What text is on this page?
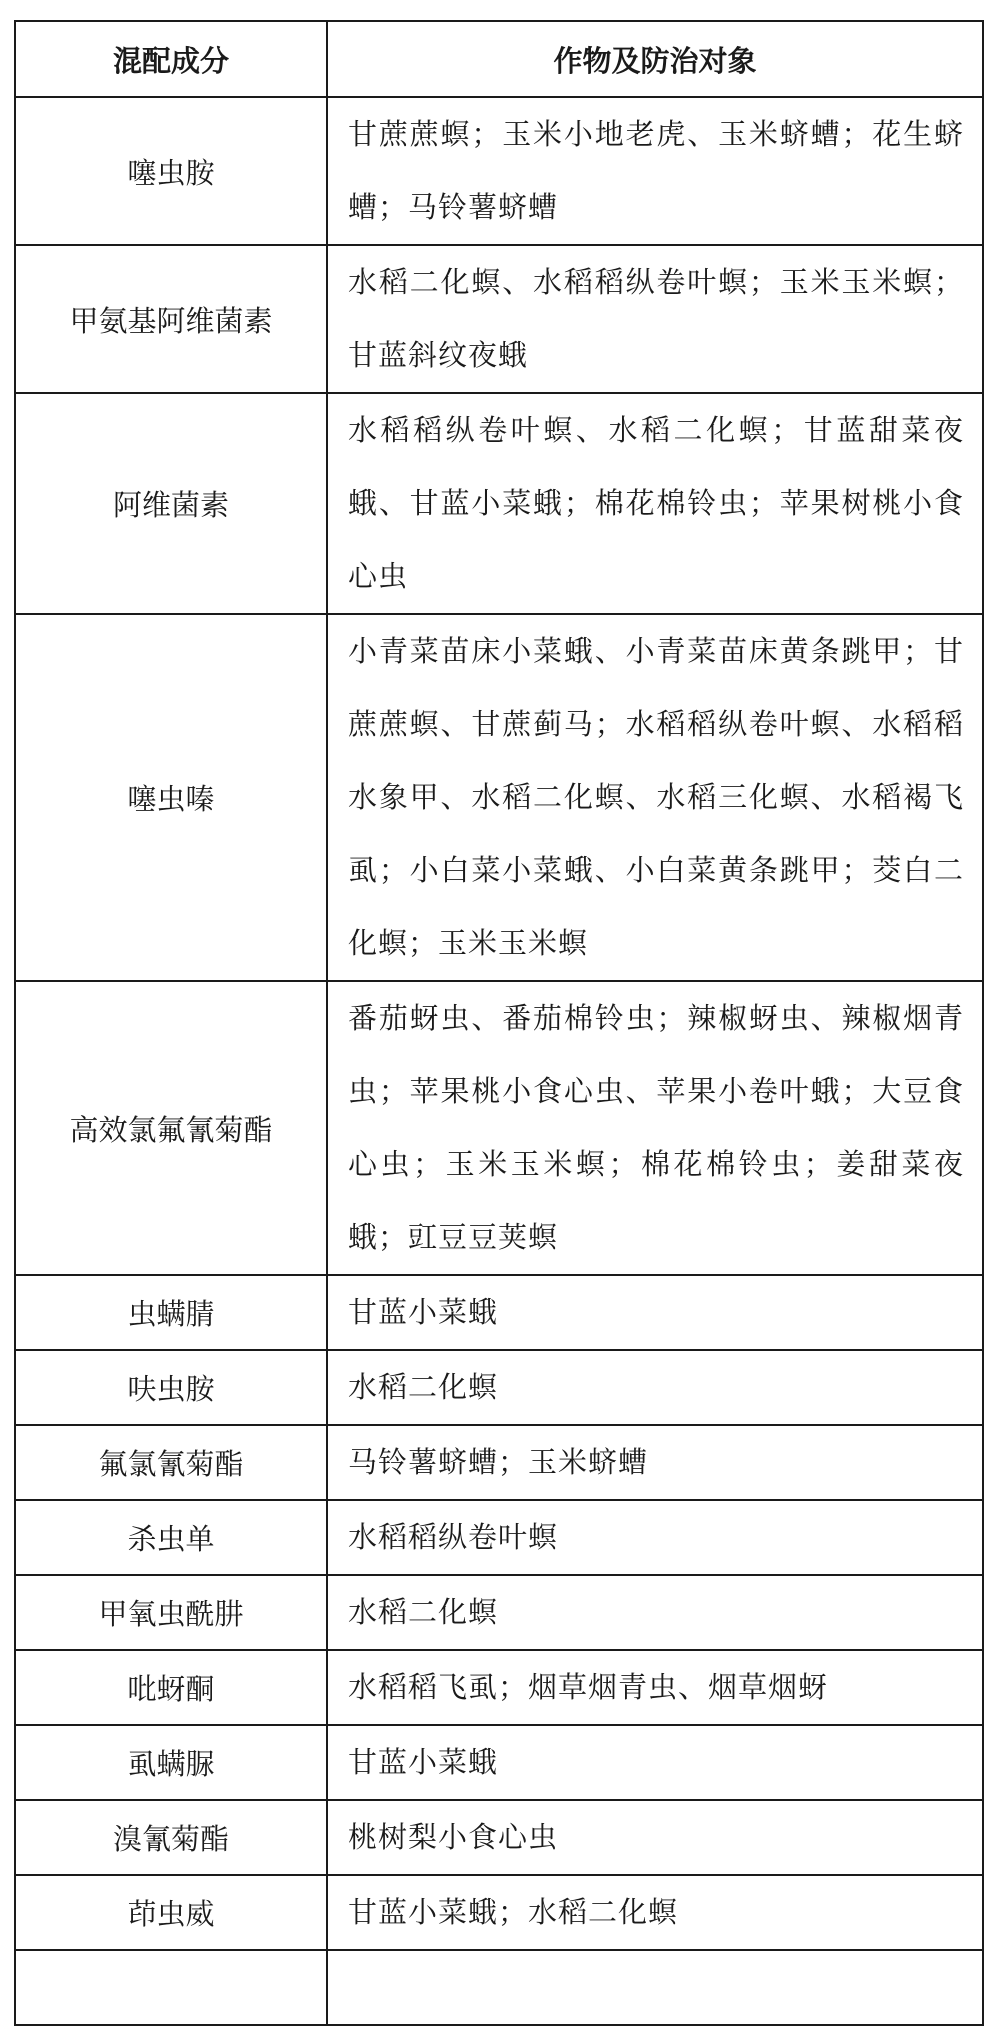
混配成分	作物及防治对象
噻虫胺	甘蔗蔗螟；玉米小地老虎、玉米蛴螬；花生蛴螬；马铃薯蛴螬
甲氨基阿维菌素	水稻二化螟、水稻稻纵卷叶螟；玉米玉米螟；甘蓝斜纹夜蛾
阿维菌素	水稻稻纵卷叶螟、水稻二化螟；甘蓝甜菜夜蛾、甘蓝小菜蛾；棉花棉铃虫；苹果树桃小食心虫
噻虫嗪	小青菜苗床小菜蛾、小青菜苗床黄条跳甲；甘蔗蔗螟、甘蔗蓟马；水稻稻纵卷叶螟、水稻稻水象甲、水稻二化螟、水稻三化螟、水稻褐飞虱；小白菜小菜蛾、小白菜黄条跳甲；茭白二化螟；玉米玉米螟
高效氯氟氰菊酯	番茄蚜虫、番茄棉铃虫；辣椒蚜虫、辣椒烟青虫；苹果桃小食心虫、苹果小卷叶蛾；大豆食心虫；玉米玉米螟；棉花棉铃虫；姜甜菜夜蛾；豇豆豆荚螟
虫螨腈	甘蓝小菜蛾
呋虫胺	水稻二化螟
氟氯氰菊酯	马铃薯蛴螬；玉米蛴螬
杀虫单	水稻稻纵卷叶螟
甲氧虫酰肼	水稻二化螟
吡蚜酮	水稻稻飞虱；烟草烟青虫、烟草烟蚜
虱螨脲	甘蓝小菜蛾
溴氰菊酯	桃树梨小食心虫
茚虫威	甘蓝小菜蛾；水稻二化螟
